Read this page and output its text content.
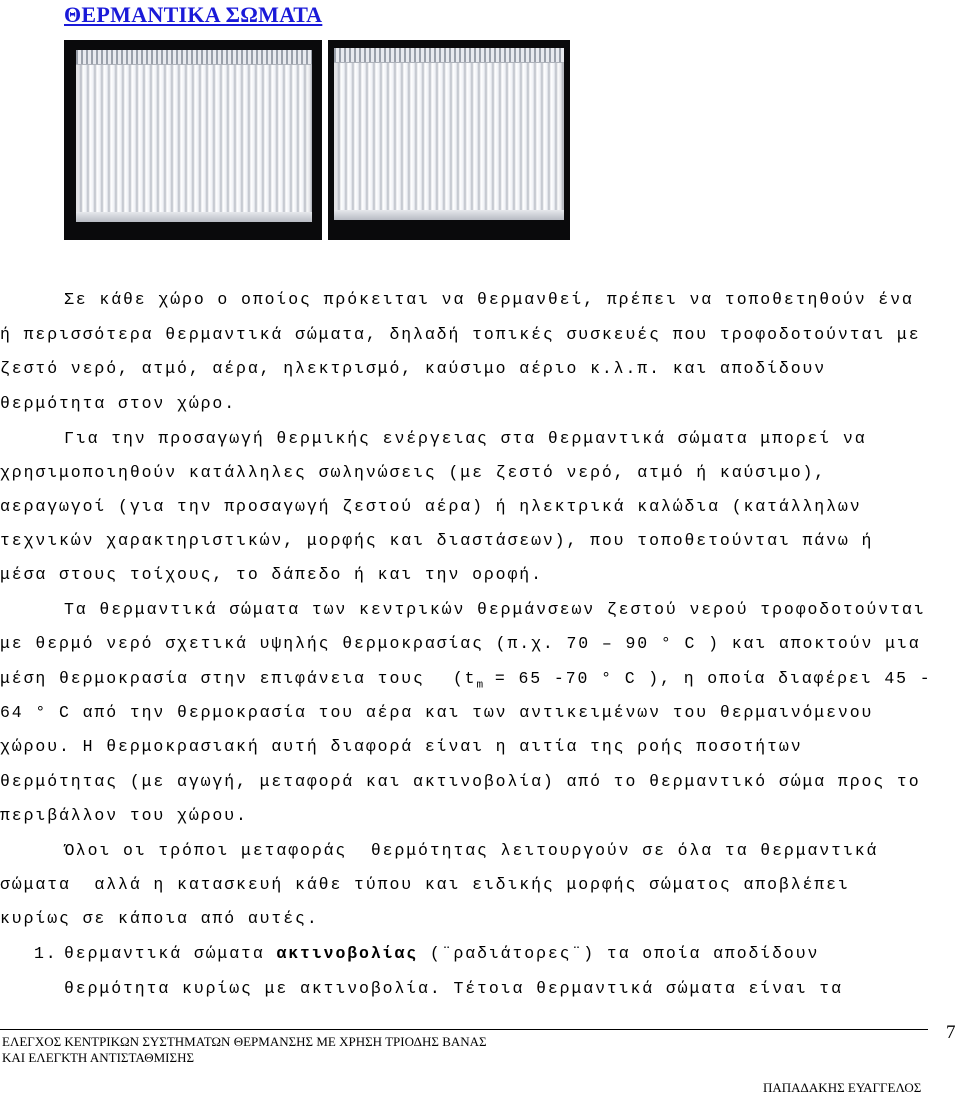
ΘΕΡΜΑΝΤΙΚΑ ΣΩΜΑΤΑ
Σε κάθε χώρο ο οποίος πρόκειται να θερμανθεί, πρέπει να τοποθετηθούν ένα
ή περισσότερα θερμαντικά σώματα, δηλαδή τοπικές συσκευές που τροφοδοτούνται με
ζεστό νερό, ατμό, αέρα, ηλεκτρισμό, καύσιμο αέριο κ.λ.π. και αποδίδουν
θερμότητα στον χώρο.
Για την προσαγωγή θερμικής ενέργειας στα θερμαντικά σώματα μπορεί να
χρησιμοποιηθούν κατάλληλες σωληνώσεις (με ζεστό νερό, ατμό ή καύσιμο),
αεραγωγοί (για την προσαγωγή ζεστού αέρα) ή ηλεκτρικά καλώδια (κατάλληλων
τεχνικών χαρακτηριστικών, μορφής και διαστάσεων), που τοποθετούνται πάνω ή
μέσα στους τοίχους, το δάπεδο ή και την οροφή.
Τα θερμαντικά σώματα των κεντρικών θερμάνσεων ζεστού νερού τροφοδοτούνται
με θερμό νερό σχετικά υψηλής θερμοκρασίας (π.χ. 70 – 90 ° C ) και αποκτούν μια
μέση θερμοκρασία στην επιφάνεια τους ($t_m = 65$ -70 ° C ), η οποία διαφέρει 45 -
64 ° C από την θερμοκρασία του αέρα και των αντικειμένων του θερμαινόμενου
χώρου. Η θερμοκρασιακή αυτή διαφορά είναι η αιτία της ροής ποσοτήτων
θερμότητας (με αγωγή, μεταφορά και ακτινοβολία) από το θερμαντικό σώμα προς το
περιβάλλον του χώρου.
Όλοι οι τρόποι μεταφοράς  θερμότητας λειτουργούν σε όλα τα θερμαντικά
σώματα  αλλά η κατασκευή κάθε τύπου και ειδικής μορφής σώματος αποβλέπει
κυρίως σε κάποια από αυτές.
1. θερμαντικά σώματα ακτινοβολίας (¨ραδιάτορες¨) τα οποία αποδίδουν
θερμότητα κυρίως με ακτινοβολία. Τέτοια θερμαντικά σώματα είναι τα
ΕΛΕΓΧΟΣ ΚΕΝΤΡΙΚΩΝ ΣΥΣΤΗΜΑΤΩΝ ΘΕΡΜΑΝΣΗΣ ΜΕ ΧΡΗΣΗ ΤΡΙΟΔΗΣ ΒΑΝΑΣ
ΚΑΙ ΕΛΕΓΚΤΗ ΑΝΤΙΣΤΑΘΜΙΣΗΣ
ΠΑΠΑΔΑΚΗΣ ΕΥΑΓΓΕΛΟΣ
7
